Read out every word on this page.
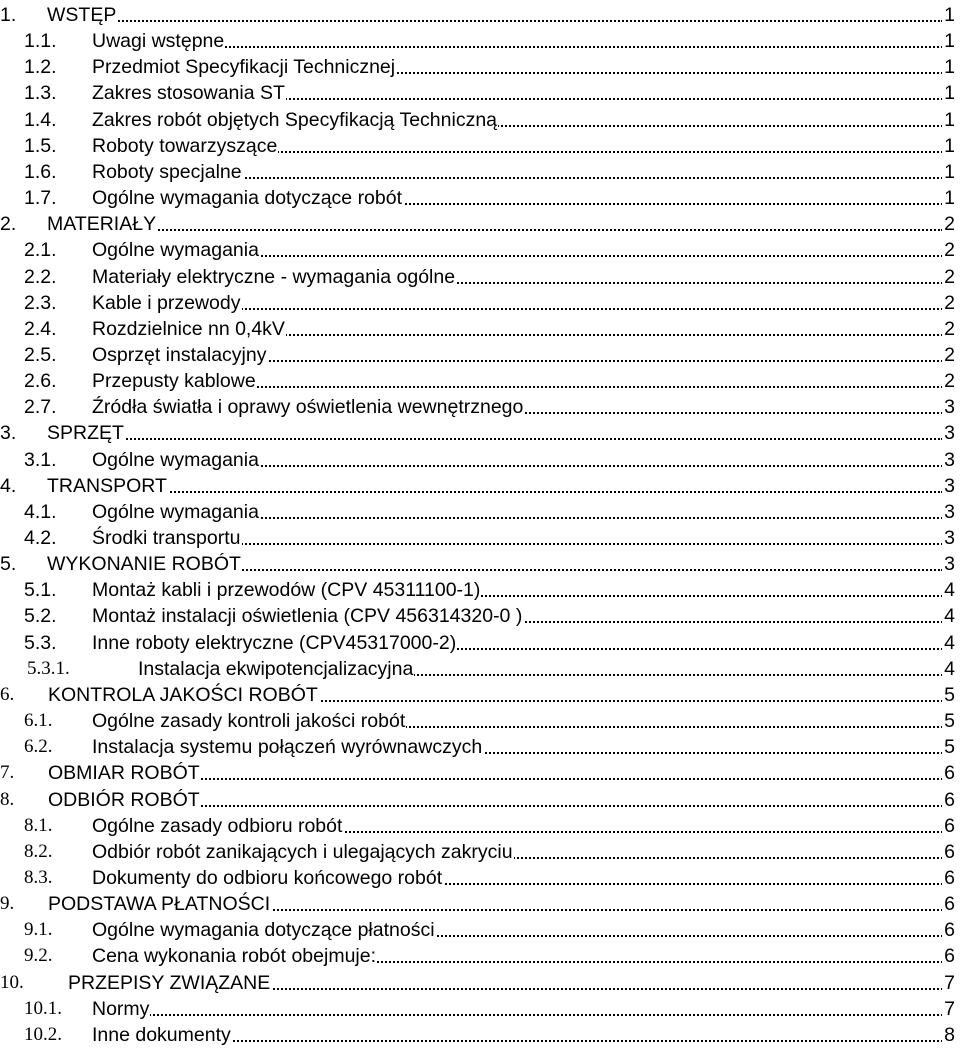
1. WSTĘP	1
1.1. Uwagi wstępne	1
1.2. Przedmiot Specyfikacji Technicznej	1
1.3. Zakres stosowania ST	1
1.4. Zakres robót objętych Specyfikacją Techniczną	1
1.5. Roboty towarzyszące	1
1.6. Roboty specjalne	1
1.7. Ogólne wymagania dotyczące robót	1
2. MATERIAŁY	2
2.1. Ogólne wymagania	2
2.2. Materiały elektryczne - wymagania ogólne	2
2.3. Kable i przewody	2
2.4. Rozdzielnice nn 0,4kV	2
2.5. Osprzęt instalacyjny	2
2.6. Przepusty kablowe	2
2.7. Źródła światła i oprawy oświetlenia wewnętrznego	3
3. SPRZĘT	3
3.1. Ogólne wymagania	3
4. TRANSPORT	3
4.1. Ogólne wymagania	3
4.2. Środki transportu	3
5. WYKONANIE ROBÓT	3
5.1. Montaż kabli i przewodów (CPV 45311100-1)	4
5.2. Montaż instalacji oświetlenia (CPV 456314320-0 )	4
5.3. Inne roboty elektryczne (CPV45317000-2)	4
5.3.1.	Instalacja ekwipotencjalizacyjna	4
6. KONTROLA JAKOŚCI ROBÓT	5
6.1. Ogólne zasady kontroli jakości robót	5
6.2. Instalacja systemu połączeń wyrównawczych	5
7. OBMIAR ROBÓT	6
8. ODBIÓR ROBÓT	6
8.1. Ogólne zasady odbioru robót	6
8.2. Odbiór robót zanikających i ulegających zakryciu	6
8.3. Dokumenty do odbioru końcowego robót	6
9. PODSTAWA PŁATNOŚCI	6
9.1. Ogólne wymagania dotyczące płatności	6
9.2. Cena wykonania robót obejmuje:	6
10. PRZEPISY ZWIĄZANE	7
10.1. Normy	7
10.2. Inne dokumenty	8
